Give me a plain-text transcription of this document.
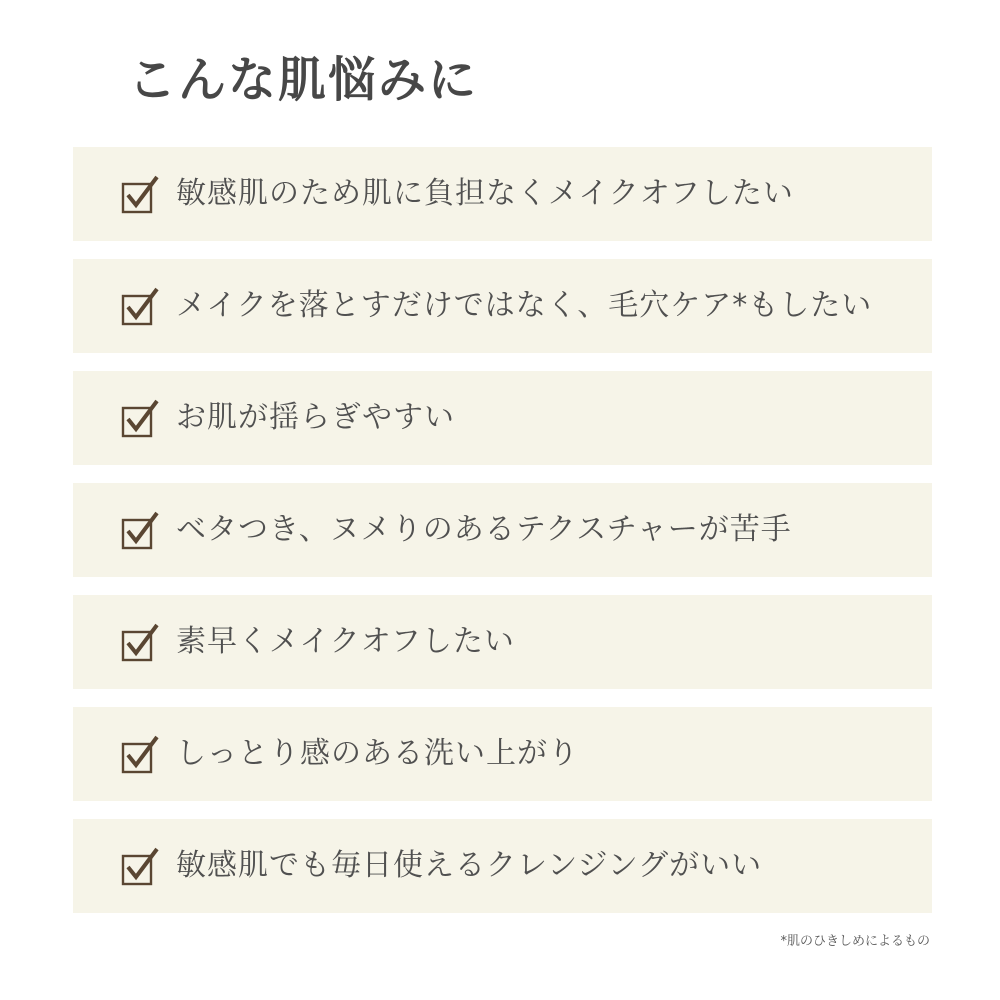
こんな肌悩みに
敏感肌のため肌に負担なくメイクオフしたい
メイクを落とすだけではなく、毛穴ケア*もしたい
お肌が揺らぎやすい
ベタつき、ヌメりのあるテクスチャーが苦手
素早くメイクオフしたい
しっとり感のある洗い上がり
敏感肌でも毎日使えるクレンジングがいい
*肌のひきしめによるもの
